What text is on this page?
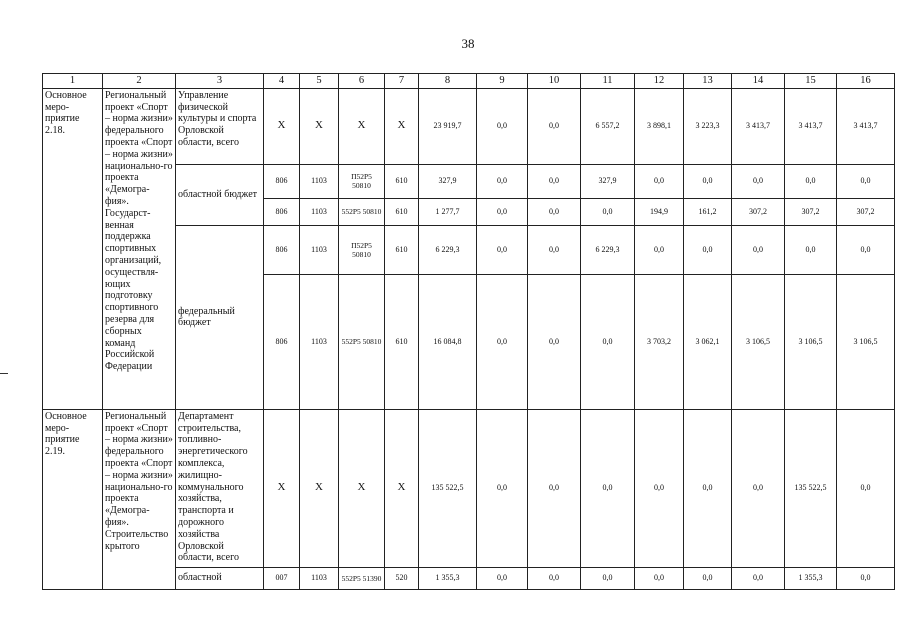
38
1	2	3	4	5	6	7	8	9	10	11	12	13	14	15	16
Основное меро-приятие 2.18.	Региональный проект «Спорт – норма жизни» федерального проекта «Спорт – норма жизни» национально-го проекта «Демогра-фия». Государст-венная поддержка спортивных организаций, осуществля-ющих подготовку спортивного резерва для сборных команд Российской Федерации	Управление физической культуры и спорта Орловской области, всего	Х	Х	Х	Х	23 919,7	0,0	0,0	6 557,2	3 898,1	3 223,3	3 413,7	3 413,7	3 413,7
		областной бюджет	806	1103	П52Р5 50810	610	327,9	0,0	0,0	327,9	0,0	0,0	0,0	0,0	0,0
			806	1103	552Р5 50810	610	1 277,7	0,0	0,0	0,0	194,9	161,2	307,2	307,2	307,2
		федеральный бюджет	806	1103	П52Р5 50810	610	6 229,3	0,0	0,0	6 229,3	0,0	0,0	0,0	0,0	0,0
			806	1103	552Р5 50810	610	16 084,8	0,0	0,0	0,0	3 703,2	3 062,1	3 106,5	3 106,5	3 106,5
Основное меро-приятие 2.19.	Региональный проект «Спорт – норма жизни» федерального проекта «Спорт – норма жизни» национально-го проекта «Демогра-фия». Строительство крытого	Департамент строительства, топливно-энергетического комплекса, жилищно-коммунального хозяйства, транспорта и дорожного хозяйства Орловской области, всего	Х	Х	Х	Х	135 522,5	0,0	0,0	0,0	0,0	0,0	0,0	135 522,5	0,0
		областной	007	1103	552Р5 51390	520	1 355,3	0,0	0,0	0,0	0,0	0,0	0,0	1 355,3	0,0
